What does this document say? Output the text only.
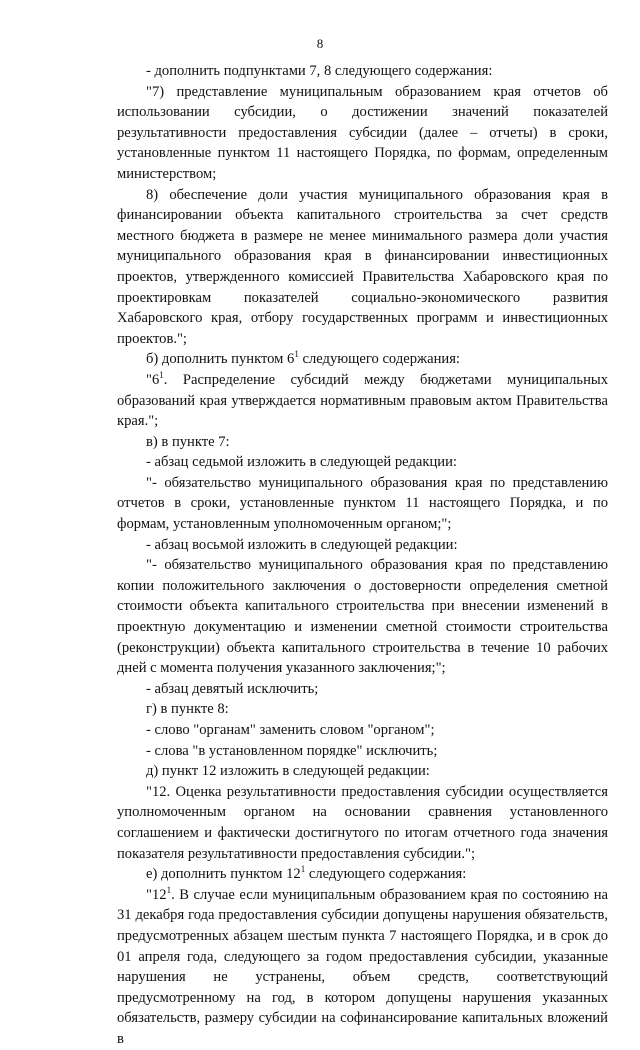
8

- дополнить подпунктами 7, 8 следующего содержания:

"7) представление муниципальным образованием края отчетов об использовании субсидии, о достижении значений показателей результативности предоставления субсидии (далее – отчеты) в сроки, установленные пунктом 11 настоящего Порядка, по формам, определенным министерством;

8) обеспечение доли участия муниципального образования края в финансировании объекта капитального строительства за счет средств местного бюджета в размере не менее минимального размера доли участия муниципального образования края в финансировании инвестиционных проектов, утвержденного комиссией Правительства Хабаровского края по проектировкам показателей социально-экономического развития Хабаровского края, отбору государственных программ и инвестиционных проектов.";

б) дополнить пунктом $6^1$ следующего содержания:

"$6^1$. Распределение субсидий между бюджетами муниципальных образований края утверждается нормативным правовым актом Правительства края.";

в) в пункте 7:

- абзац седьмой изложить в следующей редакции:

"- обязательство муниципального образования края по представлению отчетов в сроки, установленные пунктом 11 настоящего Порядка, и по формам, установленным уполномоченным органом;";

- абзац восьмой изложить в следующей редакции:

"- обязательство муниципального образования края по представлению копии положительного заключения о достоверности определения сметной стоимости объекта капитального строительства при внесении изменений в проектную документацию и изменении сметной стоимости строительства (реконструкции) объекта капитального строительства в течение 10 рабочих дней с момента получения указанного заключения;";

- абзац девятый исключить;

г) в пункте 8:

- слово "органам" заменить словом "органом";

- слова "в установленном порядке" исключить;

д) пункт 12 изложить в следующей редакции:

"12. Оценка результативности предоставления субсидии осуществляется уполномоченным органом на основании сравнения установленного соглашением и фактически достигнутого по итогам отчетного года значения показателя результативности предоставления субсидии.";

е) дополнить пунктом $12^1$ следующего содержания:

"$12^1$. В случае если муниципальным образованием края по состоянию на 31 декабря года предоставления субсидии допущены нарушения обязательств, предусмотренных абзацем шестым пункта 7 настоящего Порядка, и в срок до 01 апреля года, следующего за годом предоставления субсидии, указанные нарушения не устранены, объем средств, соответствующий предусмотренному на год, в котором допущены нарушения указанных обязательств, размеру субсидии на софинансирование капитальных вложений в
